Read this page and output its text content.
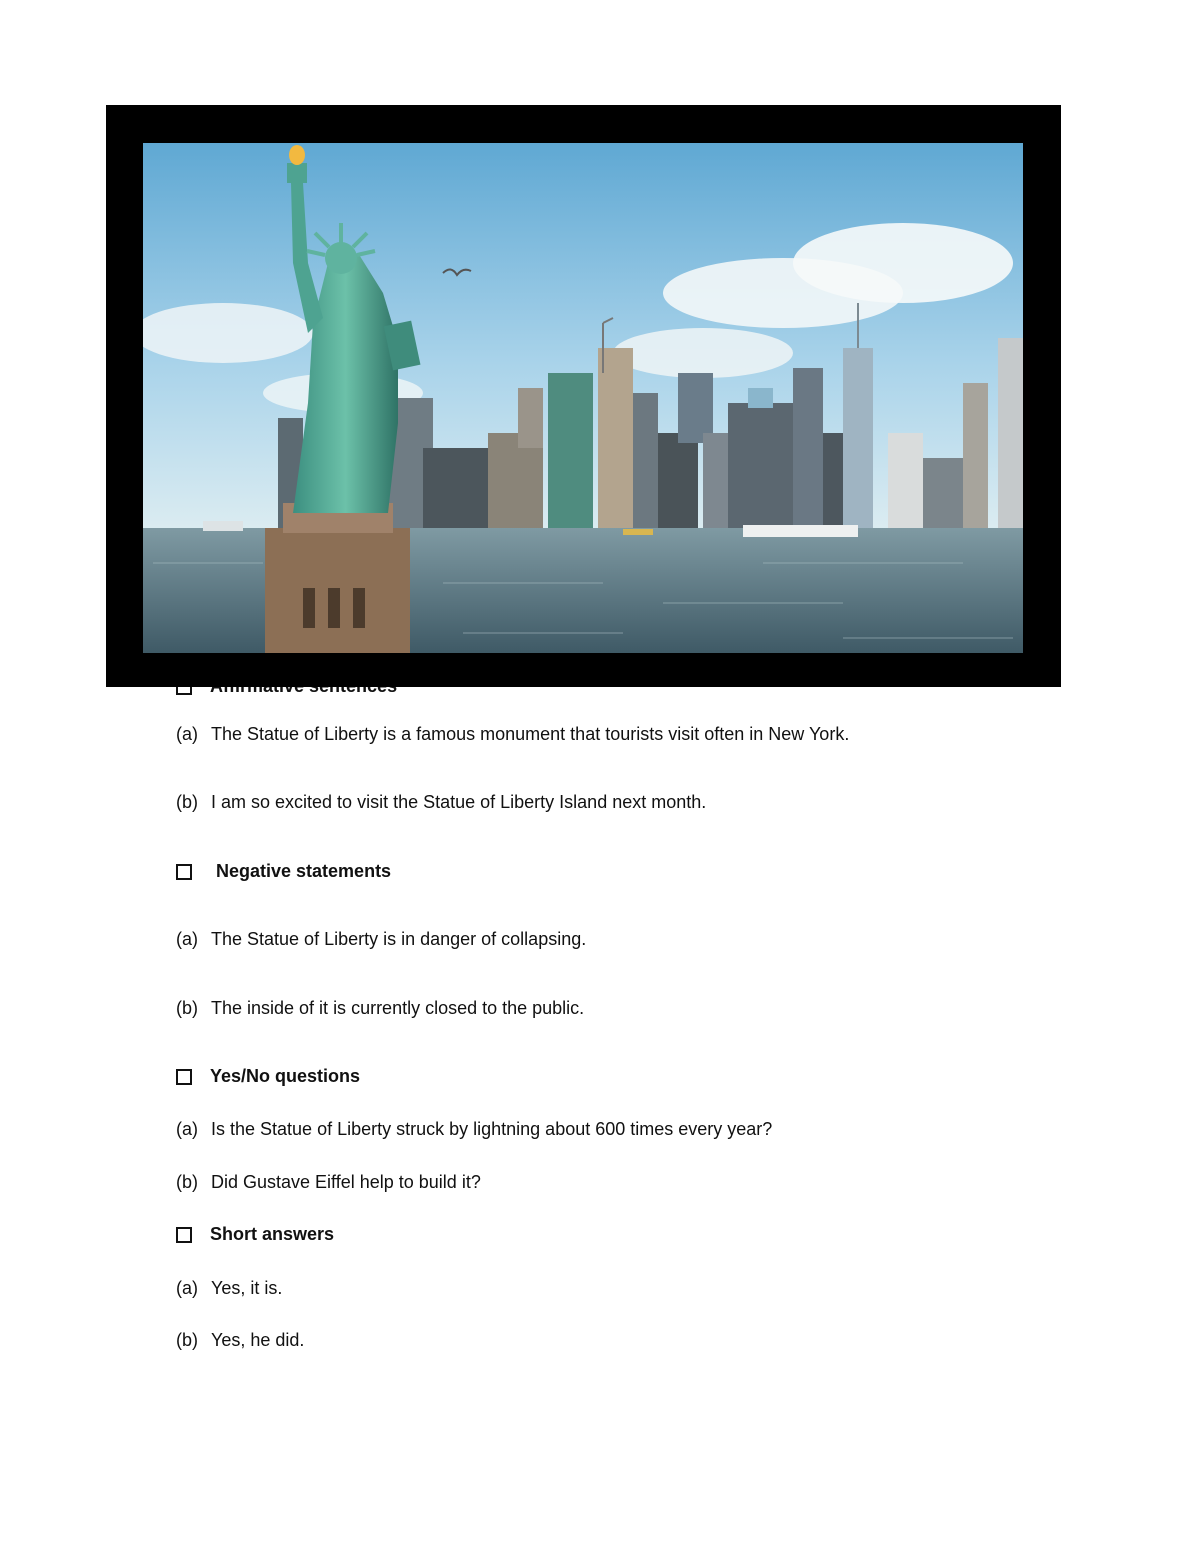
(a) The Statue of Liberty is a famous monument that tourists visit often in New York.
(b) I am so excited to visit the Statue of Liberty Island next month.
Negative statements
(a) The Statue of Liberty is in danger of collapsing.
(b) The inside of it is currently closed to the public.
Yes/No questions
(a) Is the Statue of Liberty struck by lightning about 600 times every year?
(b) Did Gustave Eiffel help to build it?
Short answers
(a) Yes, it is.
(b) Yes, he did.
